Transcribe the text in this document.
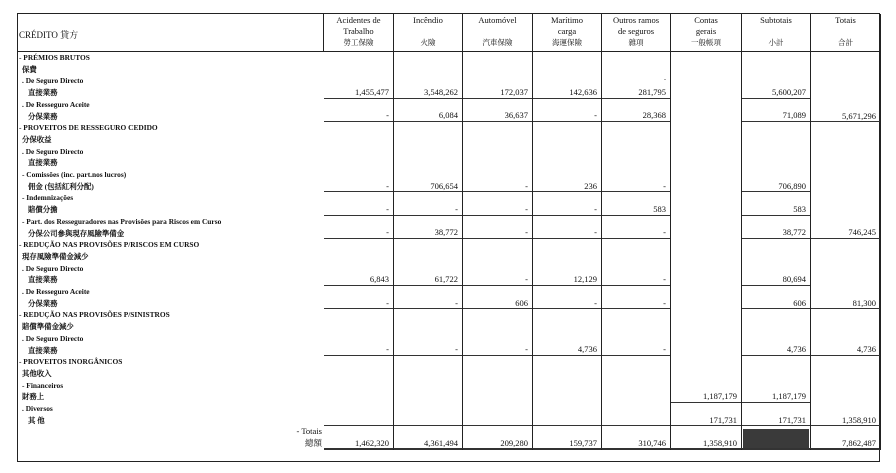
CRÉDITO 貸方
- PRÉMIOS BRUTOS
保費
. De Seguro Directo
直接業務
. De Resseguro Aceite
分保業務
- PROVEITOS DE RESSEGURO CEDIDO
分保收益
. De Seguro Directo
直接業務
- Comissões (inc. part.nos lucros)
佣金 (包括紅利分配)
- Indemnizações
賠償分擔
- Part. dos Resseguradores nas Provisões para Riscos em Curso
分保公司參與現存風險準備金
- REDUÇÃO NAS PROVISÕES P/RISCOS EM CURSO
現存風險準備金減少
. De Seguro Directo
直接業務
. De Resseguro Aceite
分保業務
- REDUÇÃO NAS PROVISÕES P/SINISTROS
賠償準備金減少
. De Seguro Directo
直接業務
- PROVEITOS INORGÂNICOS
其他收入
- Financeiros
財務上
. Diversos
其 他
- Totais
總額
1,455,477
-
-
-
-
6,843
-
-
1,462,320
3,548,262
6,084
706,654
-
38,772
61,722
-
-
4,361,494
172,037
36,637
-
-
-
-
606
-
209,280
142,636
-
236
-
-
12,129
-
4,736
159,737
-
281,795
28,368
-
583
-
-
-
-
310,746
1,187,179
171,731
1,358,910
5,600,207
71,089
706,890
583
38,772
80,694
606
4,736
1,187,179
171,731
5,671,296
746,245
81,300
4,736
1,358,910
7,862,487
Acidentes de
Trabalho
勞工保險
Incêndio
火險
Automóvel
汽車保險
Marítimo
carga
海運保險
Outros ramos
de seguros
雜項
Contas
gerais
一般帳項
Subtotais
小計
Totais
合計
